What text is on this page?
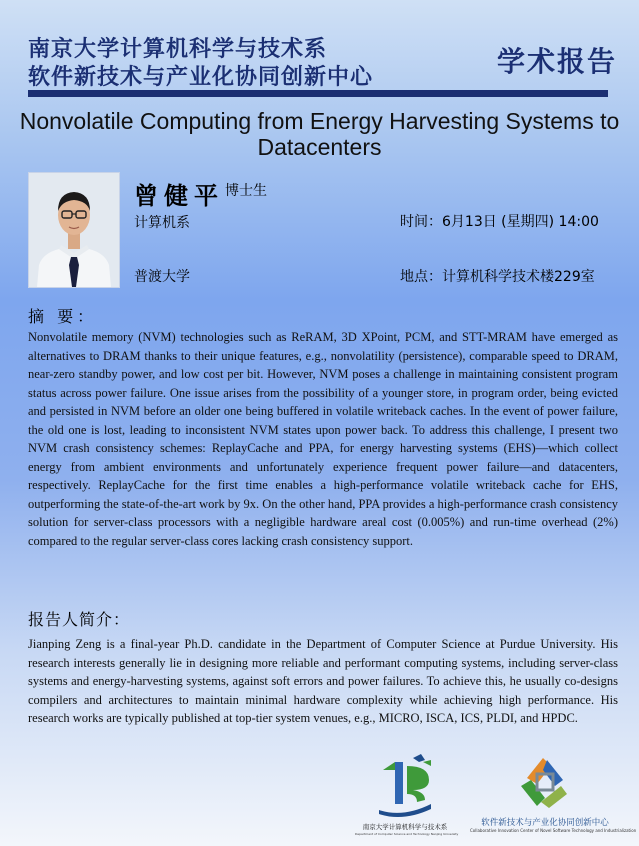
南京大学计算机科学与技术系
软件新技术与产业化协同创新中心	学术报告
Nonvolatile Computing from Energy Harvesting Systems to Datacenters
曾健平 博士生
计算机系
普渡大学
时间：6月13日 (星期四) 14:00
地点：计算机科学技术楼229室
摘 要：
Nonvolatile memory (NVM) technologies such as ReRAM, 3D XPoint, PCM, and STT-MRAM have emerged as alternatives to DRAM thanks to their unique features, e.g., nonvolatility (persistence), comparable speed to DRAM, near-zero standby power, and low cost per bit. However, NVM poses a challenge in maintaining consistent program status across power failure. One issue arises from the possibility of a younger store, in program order, being evicted and persisted in NVM before an older one being buffered in volatile writeback caches. In the event of power failure, the old one is lost, leading to inconsistent NVM states upon power back. To address this challenge, I present two NVM crash consistency schemes: ReplayCache and PPA, for energy harvesting systems (EHS)—which collect energy from ambient environments and unfortunately experience frequent power failure—and datacenters, respectively. ReplayCache for the first time enables a high-performance volatile writeback cache for EHS, outperforming the state-of-the-art work by 9x. On the other hand, PPA provides a high-performance crash consistency solution for server-class processors with a negligible hardware areal cost (0.005%) and run-time overhead (2%) compared to the regular server-class cores lacking crash consistency support.
报告人简介：
Jianping Zeng is a final-year Ph.D. candidate in the Department of Computer Science at Purdue University. His research interests generally lie in designing more reliable and performant computing systems, including server-class systems and energy-harvesting systems, against soft errors and power failures. To achieve this, he usually co-designs compilers and architectures to maintain minimal hardware complexity while achieving high performance. His research works are typically published at top-tier system venues, e.g., MICRO, ISCA, ICS, PLDI, and HPDC.
南京大学计算机科学与技术系
Department of Computer Science and Technology Nanjing University
软件新技术与产业化协同创新中心
Collaborative Innovation Center of Novel Software Technology and Industrialization
